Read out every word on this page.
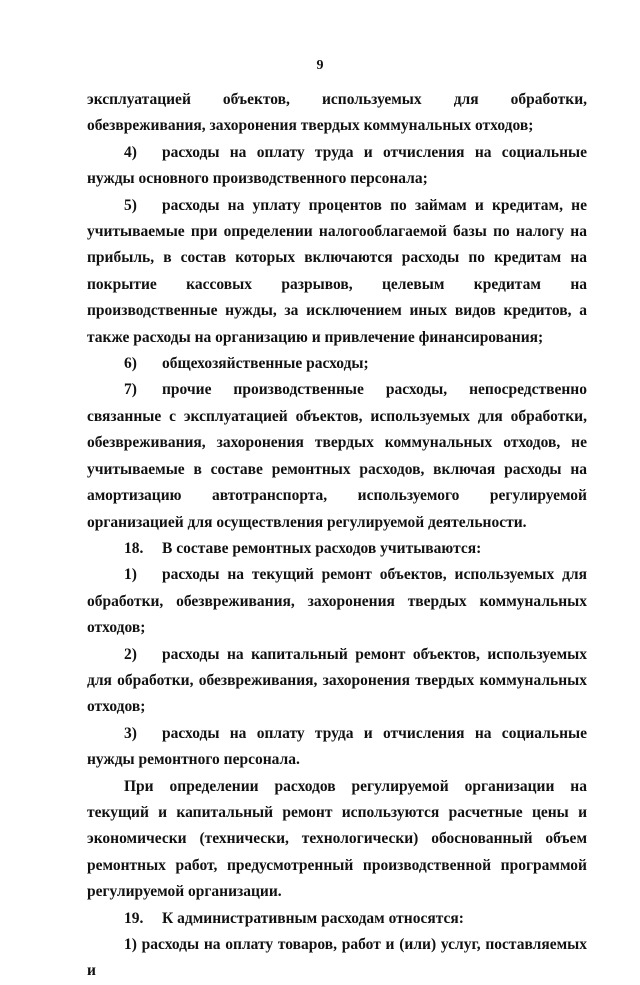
9

эксплуатацией объектов, используемых для обработки, обезвреживания, захоронения твердых коммунальных отходов;

4) расходы на оплату труда и отчисления на социальные нужды основного производственного персонала;

5) расходы на уплату процентов по займам и кредитам, не учитываемые при определении налогооблагаемой базы по налогу на прибыль, в состав которых включаются расходы по кредитам на покрытие кассовых разрывов, целевым кредитам на производственные нужды, за исключением иных видов кредитов, а также расходы на организацию и привлечение финансирования;

6) общехозяйственные расходы;

7) прочие производственные расходы, непосредственно связанные с эксплуатацией объектов, используемых для обработки, обезвреживания, захоронения твердых коммунальных отходов, не учитываемые в составе ремонтных расходов, включая расходы на амортизацию автотранспорта, используемого регулируемой организацией для осуществления регулируемой деятельности.

18. В составе ремонтных расходов учитываются:

1) расходы на текущий ремонт объектов, используемых для обработки, обезвреживания, захоронения твердых коммунальных отходов;

2) расходы на капитальный ремонт объектов, используемых для обработки, обезвреживания, захоронения твердых коммунальных отходов;

3) расходы на оплату труда и отчисления на социальные нужды ремонтного персонала.

При определении расходов регулируемой организации на текущий и капитальный ремонт используются расчетные цены и экономически (технически, технологически) обоснованный объем ремонтных работ, предусмотренный производственной программой регулируемой организации.

19. К административным расходам относятся:

1) расходы на оплату товаров, работ и (или) услуг, поставляемых и
